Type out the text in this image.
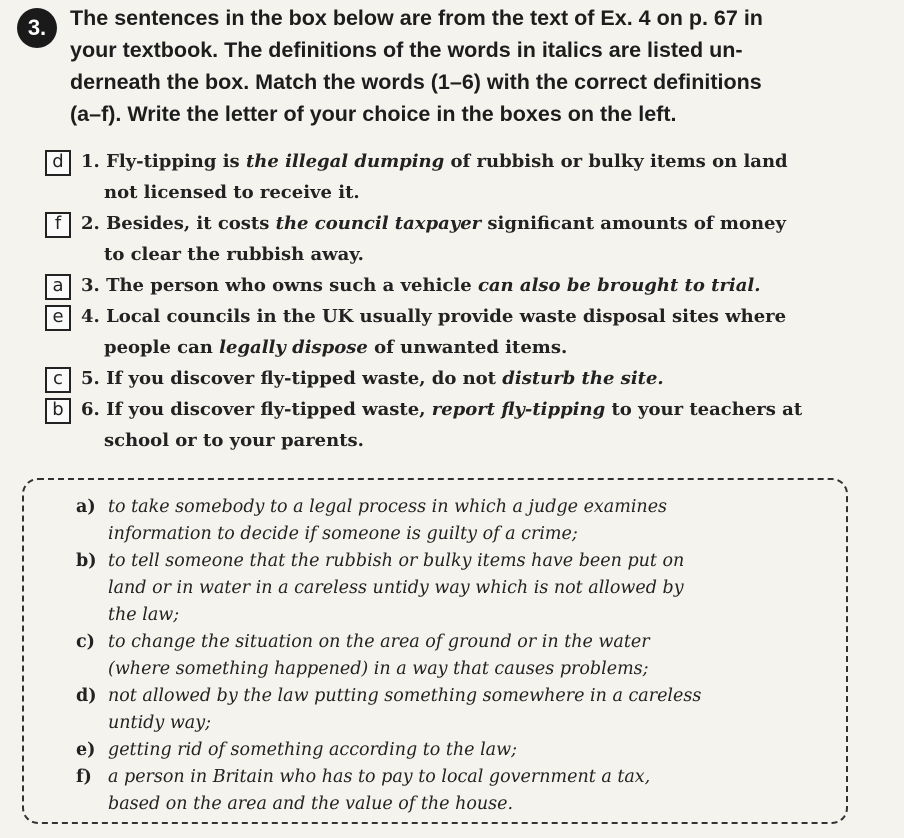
3.	The sentences in the box below are from the text of Ex. 4 on p. 67 in
your textbook. The definitions of the words in italics are listed un-
derneath the box. Match the words (1–6) with the correct definitions
(a–f). Write the letter of your choice in the boxes on the left.
d 1. Fly-tipping is the illegal dumping of rubbish or bulky items on land
not licensed to receive it.
f	2. Besides, it costs the council taxpayer significant amounts of money
to clear the rubbish away.
a 3. The person who owns such a vehicle can also be brought to trial.
e 4. Local councils in the UK usually provide waste disposal sites where
people can legally dispose of unwanted items.
c	5. If you discover fly-tipped waste, do not disturb the site.
b 6. If you discover fly-tipped waste, report fly-tipping to your teachers at
school or to your parents.
a) to take somebody to a legal process in which a judge examines
information to decide if someone is guilty of a crime;
b) to tell someone that the rubbish or bulky items have been put on
land or in water in a careless untidy way which is not allowed by
the law;
c) to change the situation on the area of ground or in the water
(where something happened) in a way that causes problems;
d) not allowed by the law putting something somewhere in a careless
untidy way;
e) getting rid of something according to the law;
f) a person in Britain who has to pay to local government a tax,
based on the area and the value of the house.
